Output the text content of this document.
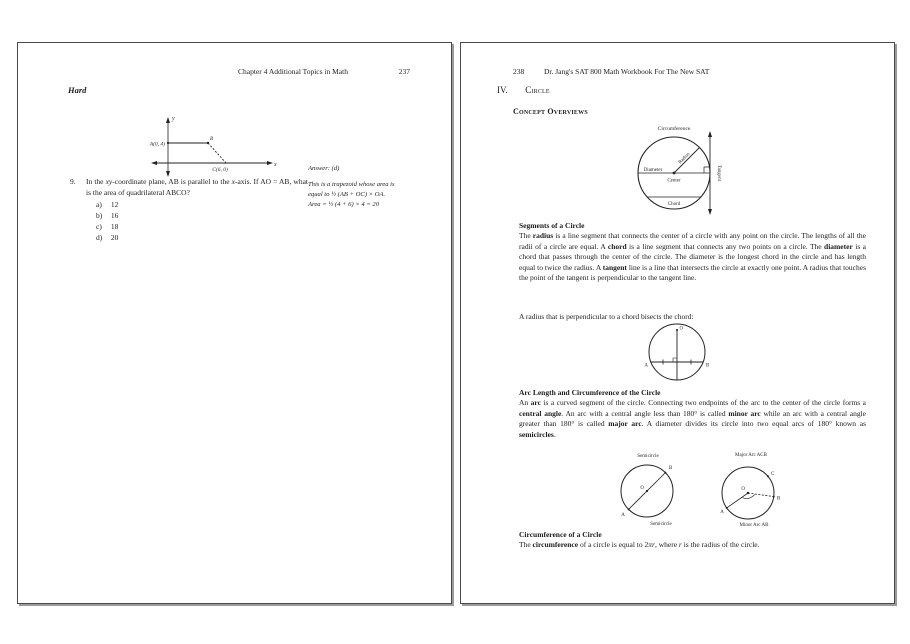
Chapter 4 Additional Topics in Math	237
Hard
y
x
A(0, 4)
B
C(6, 0)	Answer: (d)
This is a trapezoid whose area is
equal to ½ (AB + OC) × OA.
Area = ½ (4 + 6) × 4 = 20
9.	In the xy-coordinate plane, AB is parallel to the x-axis. If AO = AB, what is the area of quadrilateral ABCO?
a) 12
b) 16
c) 18
d) 20
238	Dr. Jang's SAT 800 Math Workbook For The New SAT
IV. Circle
Concept Overviews
Circumference
Diameter
Center
Radius
Chord
Tangent
Segments of a Circle
The radius is a line segment that connects the center of a circle with any point on the circle. The lengths of all the radii of a circle are equal. A chord is a line segment that connects any two points on a circle. The diameter is a chord that passes through the center of the circle. The diameter is the longest chord in the circle and has length equal to twice the radius. A tangent line is a line that intersects the circle at exactly one point. A radius that touches the point of the tangent is perpendicular to the tangent line.
A radius that is perpendicular to a chord bisects the chord:
O
A	B
Arc Length and Circumference of the Circle
An arc is a curved segment of the circle. Connecting two endpoints of the arc to the center of the circle forms a central angle. An arc with a central angle less than 180° is called minor arc while an arc with a central angle greater than 180° is called major arc. A diameter divides its circle into two equal arcs of 180° known as semicircles.
Semicircle
O
A
B
Semicircle
Major Arc ACB
O
A
B
C
Minor Arc AB
Circumference of a Circle
The circumference of a circle is equal to 2πr, where r is the radius of the circle.
